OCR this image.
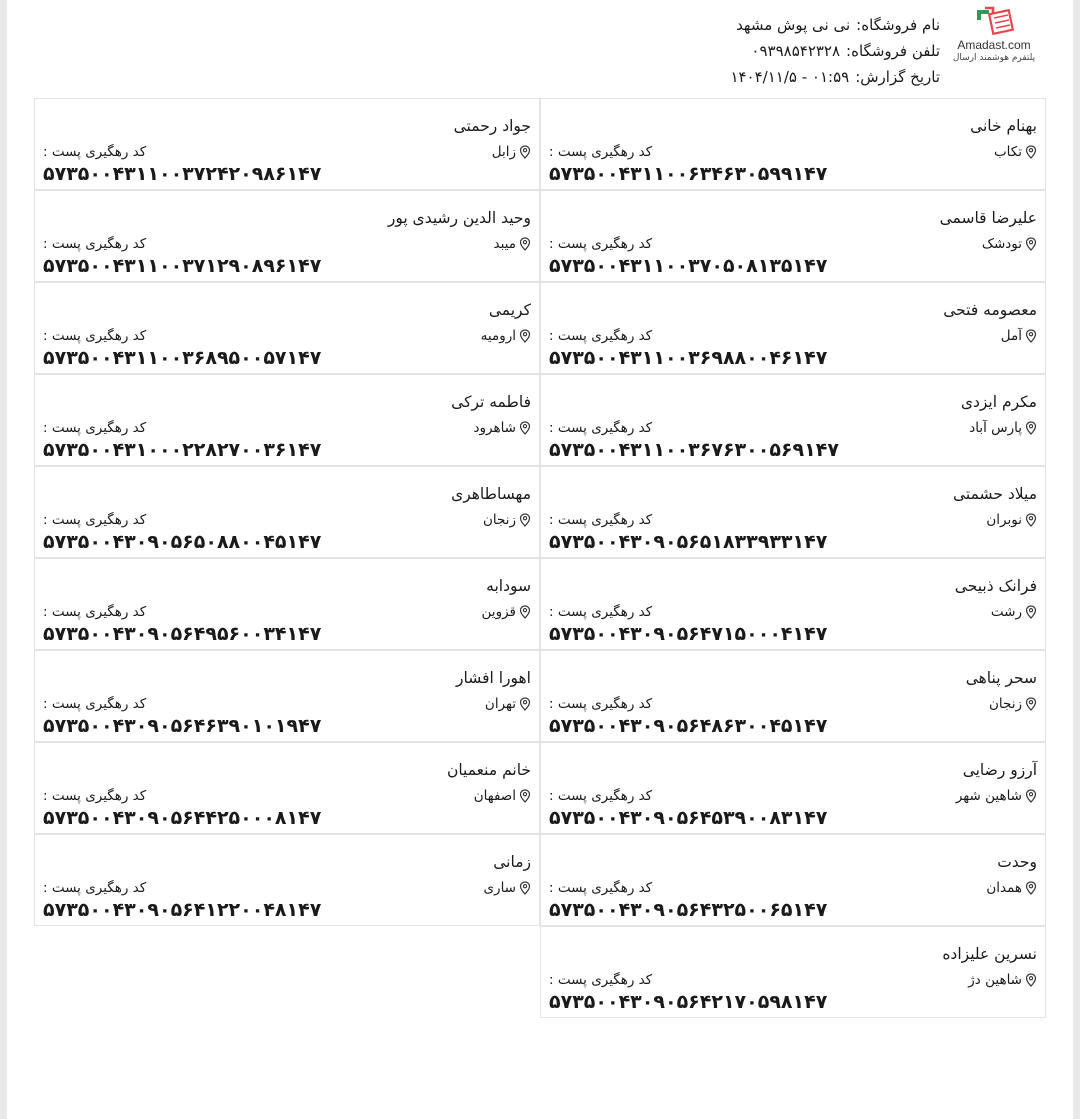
Amadast.com
پلتفرم هوشمند ارسال
نام فروشگاه:نی نی پوش مشهد
تلفن فروشگاه:۰۹۳۹۸۵۴۲۳۲۸
تاریخ گزارش:۰۱:۵۹ - ۱۴۰۴/۱۱/۵
بهنام خانی
تکاب
کد رهگیری پست :
۵۷۳۵۰۰۴۳۱۱۰۰۶۳۴۶۳۰۵۹۹۱۴۷
جواد رحمتی
زابل
کد رهگیری پست :
۵۷۳۵۰۰۴۳۱۱۰۰۳۷۲۴۲۰۹۸۶۱۴۷
علیرضا قاسمی
تودشک
کد رهگیری پست :
۵۷۳۵۰۰۴۳۱۱۰۰۳۷۰۵۰۸۱۳۵۱۴۷
وحید الدین رشیدی پور
میبد
کد رهگیری پست :
۵۷۳۵۰۰۴۳۱۱۰۰۳۷۱۲۹۰۸۹۶۱۴۷
معصومه فتحی
آمل
کد رهگیری پست :
۵۷۳۵۰۰۴۳۱۱۰۰۳۶۹۸۸۰۰۴۶۱۴۷
کریمی
ارومیه
کد رهگیری پست :
۵۷۳۵۰۰۴۳۱۱۰۰۳۶۸۹۵۰۰۵۷۱۴۷
مکرم ایزدی
پارس آباد
کد رهگیری پست :
۵۷۳۵۰۰۴۳۱۱۰۰۳۶۷۶۳۰۰۵۶۹۱۴۷
فاطمه ترکی
شاهرود
کد رهگیری پست :
۵۷۳۵۰۰۴۳۱۰۰۰۲۲۸۲۷۰۰۳۶۱۴۷
میلاد حشمتی
نوبران
کد رهگیری پست :
۵۷۳۵۰۰۴۳۰۹۰۵۶۵۱۸۳۳۹۳۳۱۴۷
مهساطاهری
زنجان
کد رهگیری پست :
۵۷۳۵۰۰۴۳۰۹۰۵۶۵۰۸۸۰۰۴۵۱۴۷
فرانک ذبیحی
رشت
کد رهگیری پست :
۵۷۳۵۰۰۴۳۰۹۰۵۶۴۷۱۵۰۰۰۴۱۴۷
سودابه
قزوین
کد رهگیری پست :
۵۷۳۵۰۰۴۳۰۹۰۵۶۴۹۵۶۰۰۳۴۱۴۷
سحر پناهی
زنجان
کد رهگیری پست :
۵۷۳۵۰۰۴۳۰۹۰۵۶۴۸۶۳۰۰۴۵۱۴۷
اهورا افشار
تهران
کد رهگیری پست :
۵۷۳۵۰۰۴۳۰۹۰۵۶۴۶۳۹۰۱۰۱۹۴۷
آرزو رضایی
شاهین شهر
کد رهگیری پست :
۵۷۳۵۰۰۴۳۰۹۰۵۶۴۵۳۹۰۰۸۳۱۴۷
خانم منعمیان
اصفهان
کد رهگیری پست :
۵۷۳۵۰۰۴۳۰۹۰۵۶۴۴۲۵۰۰۰۸۱۴۷
وحدت
همدان
کد رهگیری پست :
۵۷۳۵۰۰۴۳۰۹۰۵۶۴۳۲۵۰۰۶۵۱۴۷
زمانی
ساری
کد رهگیری پست :
۵۷۳۵۰۰۴۳۰۹۰۵۶۴۱۲۲۰۰۴۸۱۴۷
نسرین علیزاده
شاهین دژ
کد رهگیری پست :
۵۷۳۵۰۰۴۳۰۹۰۵۶۴۲۱۷۰۵۹۸۱۴۷
